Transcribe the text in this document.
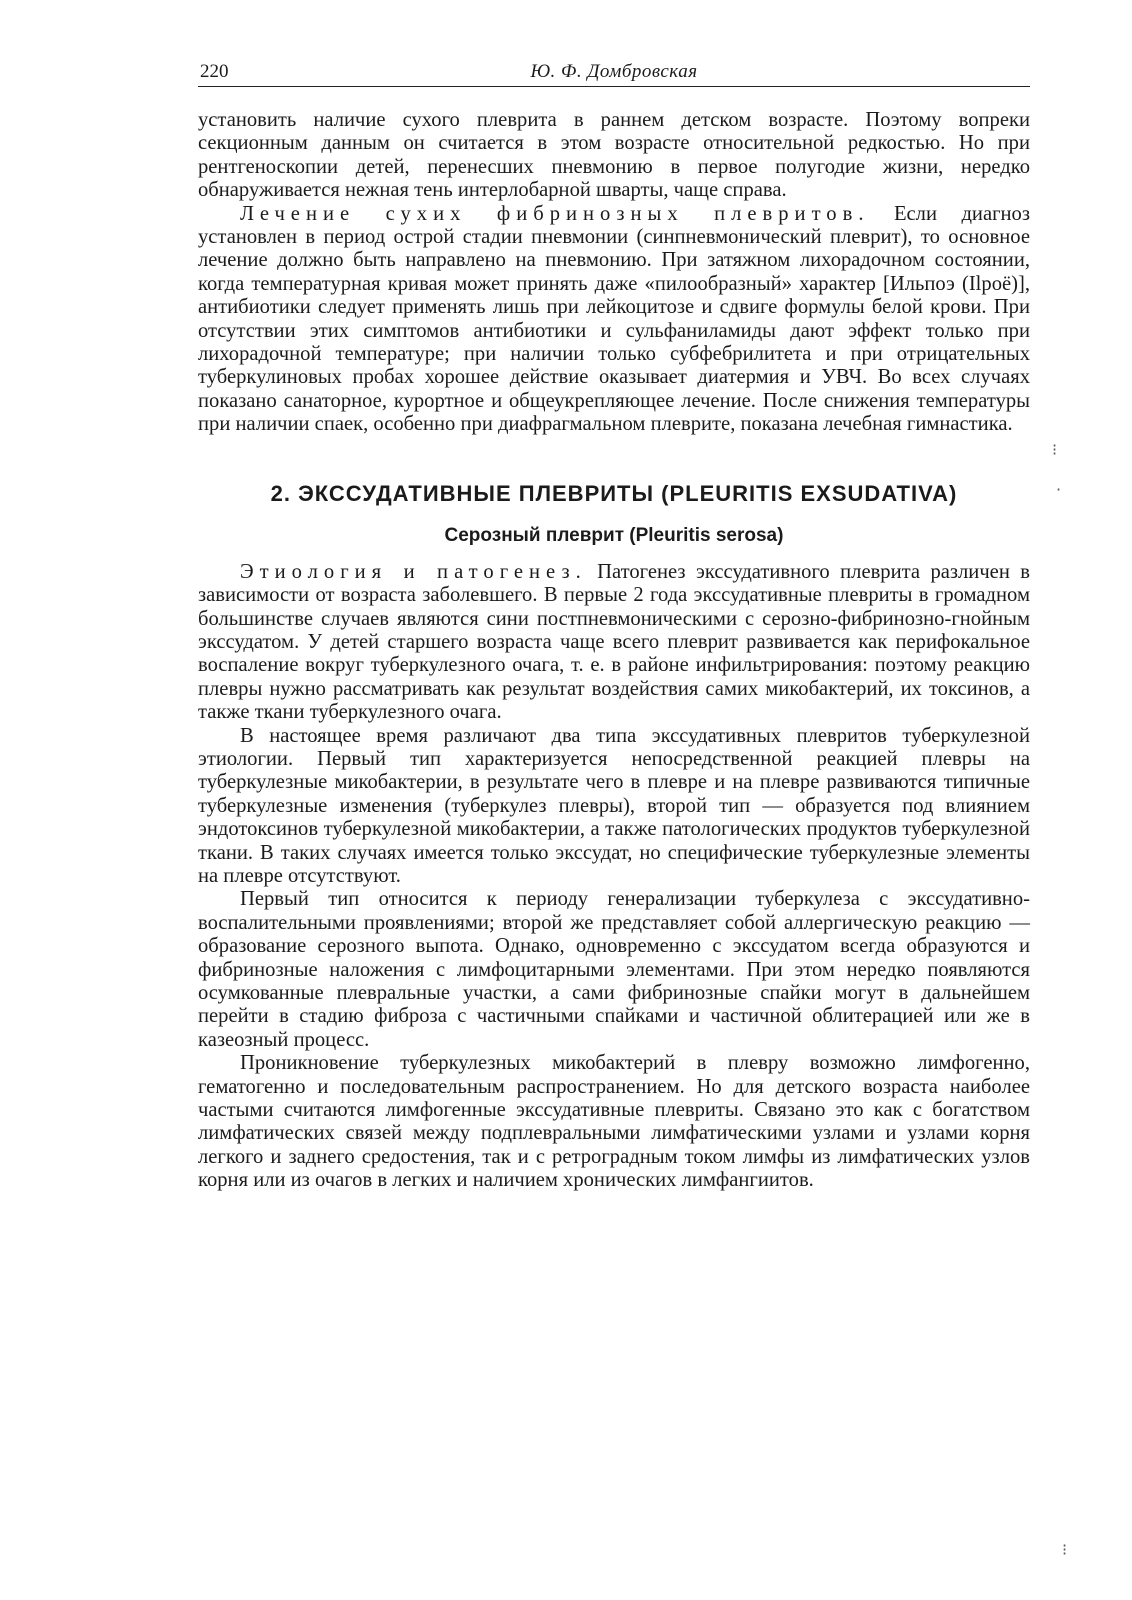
220	Ю. Ф. Домбровская

установить наличие сухого плеврита в раннем детском возрасте. Поэтому вопреки секционным данным он считается в этом возрасте относительной редкостью. Но при рентгеноскопии детей, перенесших пневмонию в первое полугодие жизни, нередко обнаруживается нежная тень интерлобарной шварты, чаще справа.

Лечение сухих фибринозных плевритов. Если диагноз установлен в период острой стадии пневмонии (синпневмонический плеврит), то основное лечение должно быть направлено на пневмонию. При затяжном лихорадочном состоянии, когда температурная кривая может принять даже «пилообразный» характер [Ильпоэ (Ilpoё)], антибиотики следует применять лишь при лейкоцитозе и сдвиге формулы белой крови. При отсутствии этих симптомов антибиотики и сульфаниламиды дают эффект только при лихорадочной температуре; при наличии только субфебрилитета и при отрицательных туберкулиновых пробах хорошее действие оказывает диатермия и УВЧ. Во всех случаях показано санаторное, курортное и общеукрепляющее лечение. После снижения температуры при наличии спаек, особенно при диафрагмальном плеврите, показана лечебная гимнастика.

2. ЭКССУДАТИВНЫЕ ПЛЕВРИТЫ (PLEURITIS EXSUDATIVA)
Серозный плеврит (Pleuritis serosa)

Этиология и патогенез. Патогенез экссудативного плеврита различен в зависимости от возраста заболевшего. В первые 2 года экссудативные плевриты в громадном большинстве случаев являются сини постпневмоническими с серозно-фибринозно-гнойным экссудатом. У детей старшего возраста чаще всего плеврит развивается как перифокальное воспаление вокруг туберкулезного очага, т. е. в районе инфильтрирования: поэтому реакцию плевры нужно рассматривать как результат воздействия самих микобактерий, их токсинов, а также ткани туберкулезного очага.

В настоящее время различают два типа экссудативных плевритов туберкулезной этиологии. Первый тип характеризуется непосредственной реакцией плевры на туберкулезные микобактерии, в результате чего в плевре и на плевре развиваются типичные туберкулезные изменения (туберкулез плевры), второй тип — образуется под влиянием эндотоксинов туберкулезной микобактерии, а также патологических продуктов туберкулезной ткани. В таких случаях имеется только экссудат, но специфические туберкулезные элементы на плевре отсутствуют.

Первый тип относится к периоду генерализации туберкулеза с экссудативно-воспалительными проявлениями; второй же представляет собой аллергическую реакцию — образование серозного выпота. Однако, одновременно с экссудатом всегда образуются и фибринозные наложения с лимфоцитарными элементами. При этом нередко появляются осумкованные плевральные участки, а сами фибринозные спайки могут в дальнейшем перейти в стадию фиброза с частичными спайками и частичной облитерацией или же в казеозный процесс.

Проникновение туберкулезных микобактерий в плевру возможно лимфогенно, гематогенно и последовательным распространением. Но для детского возраста наиболее частыми считаются лимфогенные экссудативные плевриты. Связано это как с богатством лимфатических связей между подплевральными лимфатическими узлами и узлами корня легкого и заднего средостения, так и с ретроградным током лимфы из лимфатических узлов корня или из очагов в легких и наличием хронических лимфангиитов.

⁝
·
⁝
